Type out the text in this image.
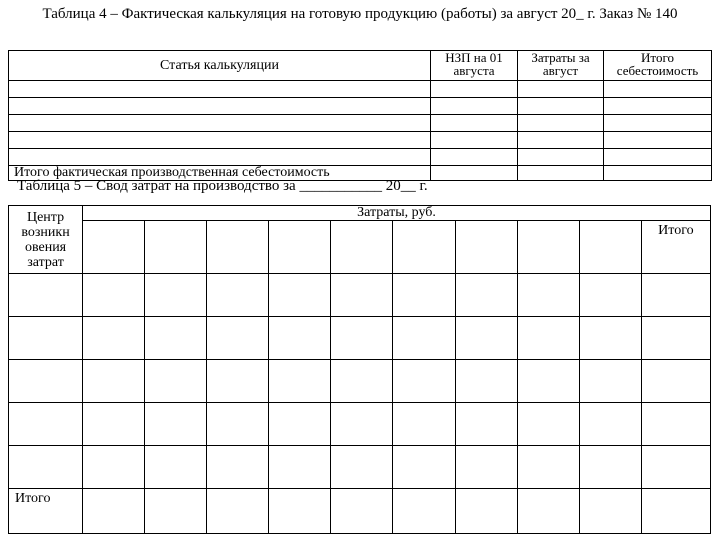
Таблица 4 – Фактическая калькуляция на готовую продукцию (работы) за август 20_ г. Заказ № 140
Статья калькуляции	НЗП на 01 августа	Затраты за август	Итого себестоимость

Итого фактическая производственная себестоимость			
Таблица 5 – Свод затрат на производство за ___________ 20__ г.
Центр возникн овения затрат	Затраты, руб.									
										Итого

Итого										
